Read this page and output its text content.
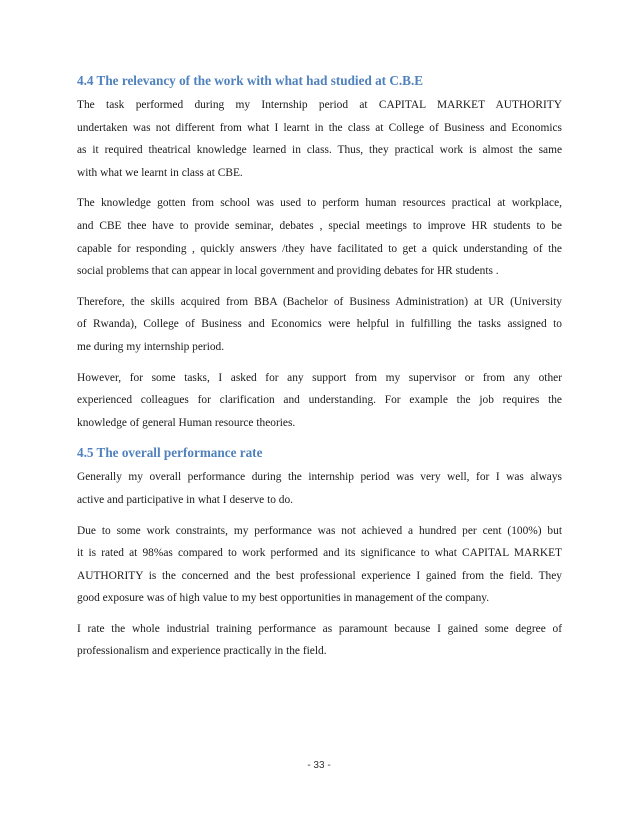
4.4 The relevancy of the work with what had studied at C.B.E

The task performed during my Internship period at CAPITAL MARKET AUTHORITY
undertaken was not different from what I learnt in the class at College of Business and Economics
as it required theatrical knowledge learned in class. Thus, they practical work is almost the same
with what we learnt in class at CBE.

The knowledge gotten from school was used to perform human resources practical at workplace,
and CBE thee have to provide seminar, debates , special meetings to improve HR students to be
capable for responding , quickly answers /they have facilitated to get a quick understanding of the
social problems that can appear in local government and providing debates for HR students .

Therefore, the skills acquired from BBA (Bachelor of Business Administration) at UR (University
of Rwanda), College of Business and Economics were helpful in fulfilling the tasks assigned to
me during my internship period.

However, for some tasks, I asked for any support from my supervisor or from any other
experienced colleagues for clarification and understanding. For example the job requires the
knowledge of general Human resource theories.

4.5 The overall performance rate

Generally my overall performance during the internship period was very well, for I was always
active and participative in what I deserve to do.

Due to some work constraints, my performance was not achieved a hundred per cent (100%) but
it is rated at 98%as compared to work performed and its significance to what CAPITAL MARKET
AUTHORITY is the concerned and the best professional experience I gained from the field. They
good exposure was of high value to my best opportunities in management of the company.

I rate the whole industrial training performance as paramount because I gained some degree of
professionalism and experience practically in the field.

- 33 -
